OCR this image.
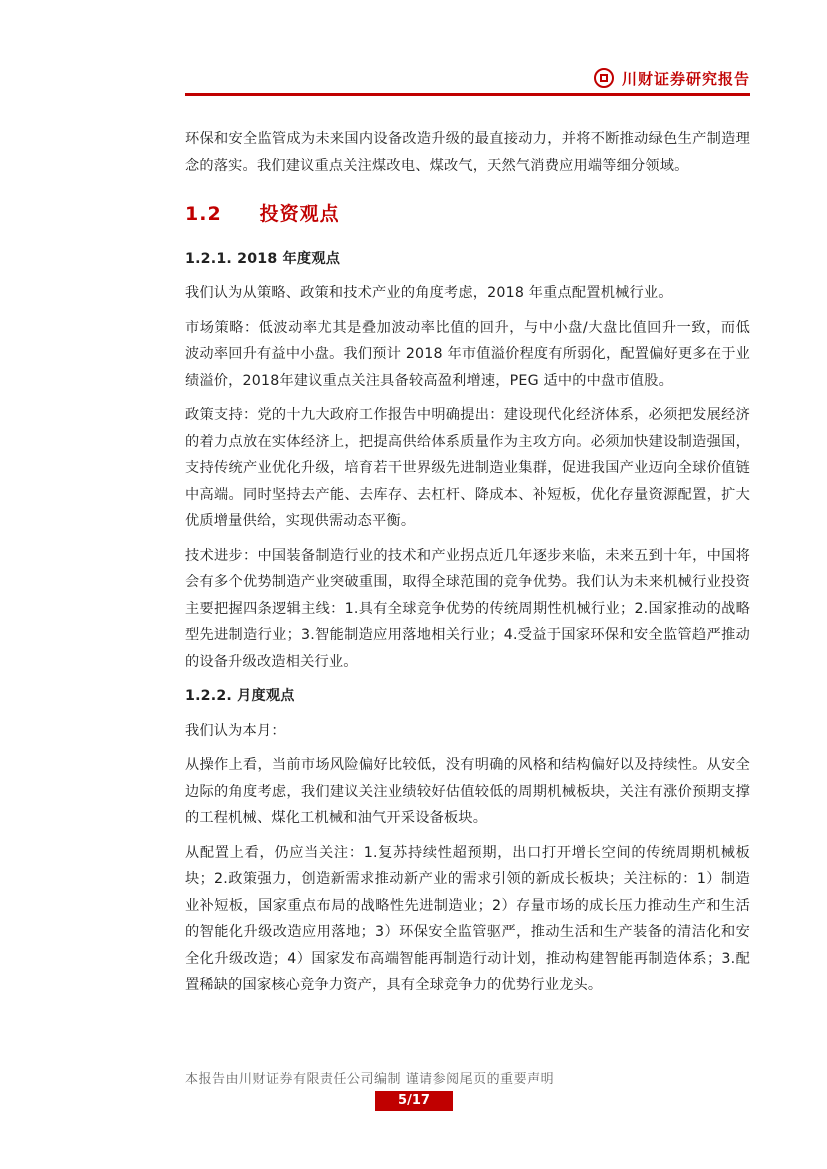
川财证券研究报告

环保和安全监管成为未来国内设备改造升级的最直接动力，并将不断推动绿色生产制造理念的落实。我们建议重点关注煤改电、煤改气，天然气消费应用端等细分领域。

1.2 投资观点
1.2.1. 2018 年度观点

我们认为从策略、政策和技术产业的角度考虑，2018 年重点配置机械行业。

市场策略：低波动率尤其是叠加波动率比值的回升，与中小盘/大盘比值回升一致，而低波动率回升有益中小盘。我们预计 2018 年市值溢价程度有所弱化，配置偏好更多在于业绩溢价，2018年建议重点关注具备较高盈利增速，PEG 适中的中盘市值股。

政策支持：党的十九大政府工作报告中明确提出：建设现代化经济体系，必须把发展经济的着力点放在实体经济上，把提高供给体系质量作为主攻方向。必须加快建设制造强国，支持传统产业优化升级，培育若干世界级先进制造业集群，促进我国产业迈向全球价值链中高端。同时坚持去产能、去库存、去杠杆、降成本、补短板，优化存量资源配置，扩大优质增量供给，实现供需动态平衡。

技术进步：中国装备制造行业的技术和产业拐点近几年逐步来临，未来五到十年，中国将会有多个优势制造产业突破重围，取得全球范围的竞争优势。我们认为未来机械行业投资主要把握四条逻辑主线：1.具有全球竞争优势的传统周期性机械行业；2.国家推动的战略型先进制造行业；3.智能制造应用落地相关行业；4.受益于国家环保和安全监管趋严推动的设备升级改造相关行业。

1.2.2. 月度观点

我们认为本月：

从操作上看，当前市场风险偏好比较低，没有明确的风格和结构偏好以及持续性。从安全边际的角度考虑，我们建议关注业绩较好估值较低的周期机械板块，关注有涨价预期支撑的工程机械、煤化工机械和油气开采设备板块。

从配置上看，仍应当关注：1.复苏持续性超预期，出口打开增长空间的传统周期机械板块；2.政策强力，创造新需求推动新产业的需求引领的新成长板块；关注标的：1）制造业补短板，国家重点布局的战略性先进制造业；2）存量市场的成长压力推动生产和生活的智能化升级改造应用落地；3）环保安全监管驱严，推动生活和生产装备的清洁化和安全化升级改造；4）国家发布高端智能再制造行动计划，推动构建智能再制造体系；3.配置稀缺的国家核心竞争力资产，具有全球竞争力的优势行业龙头。

本报告由川财证券有限责任公司编制 谨请参阅尾页的重要声明
5/17
